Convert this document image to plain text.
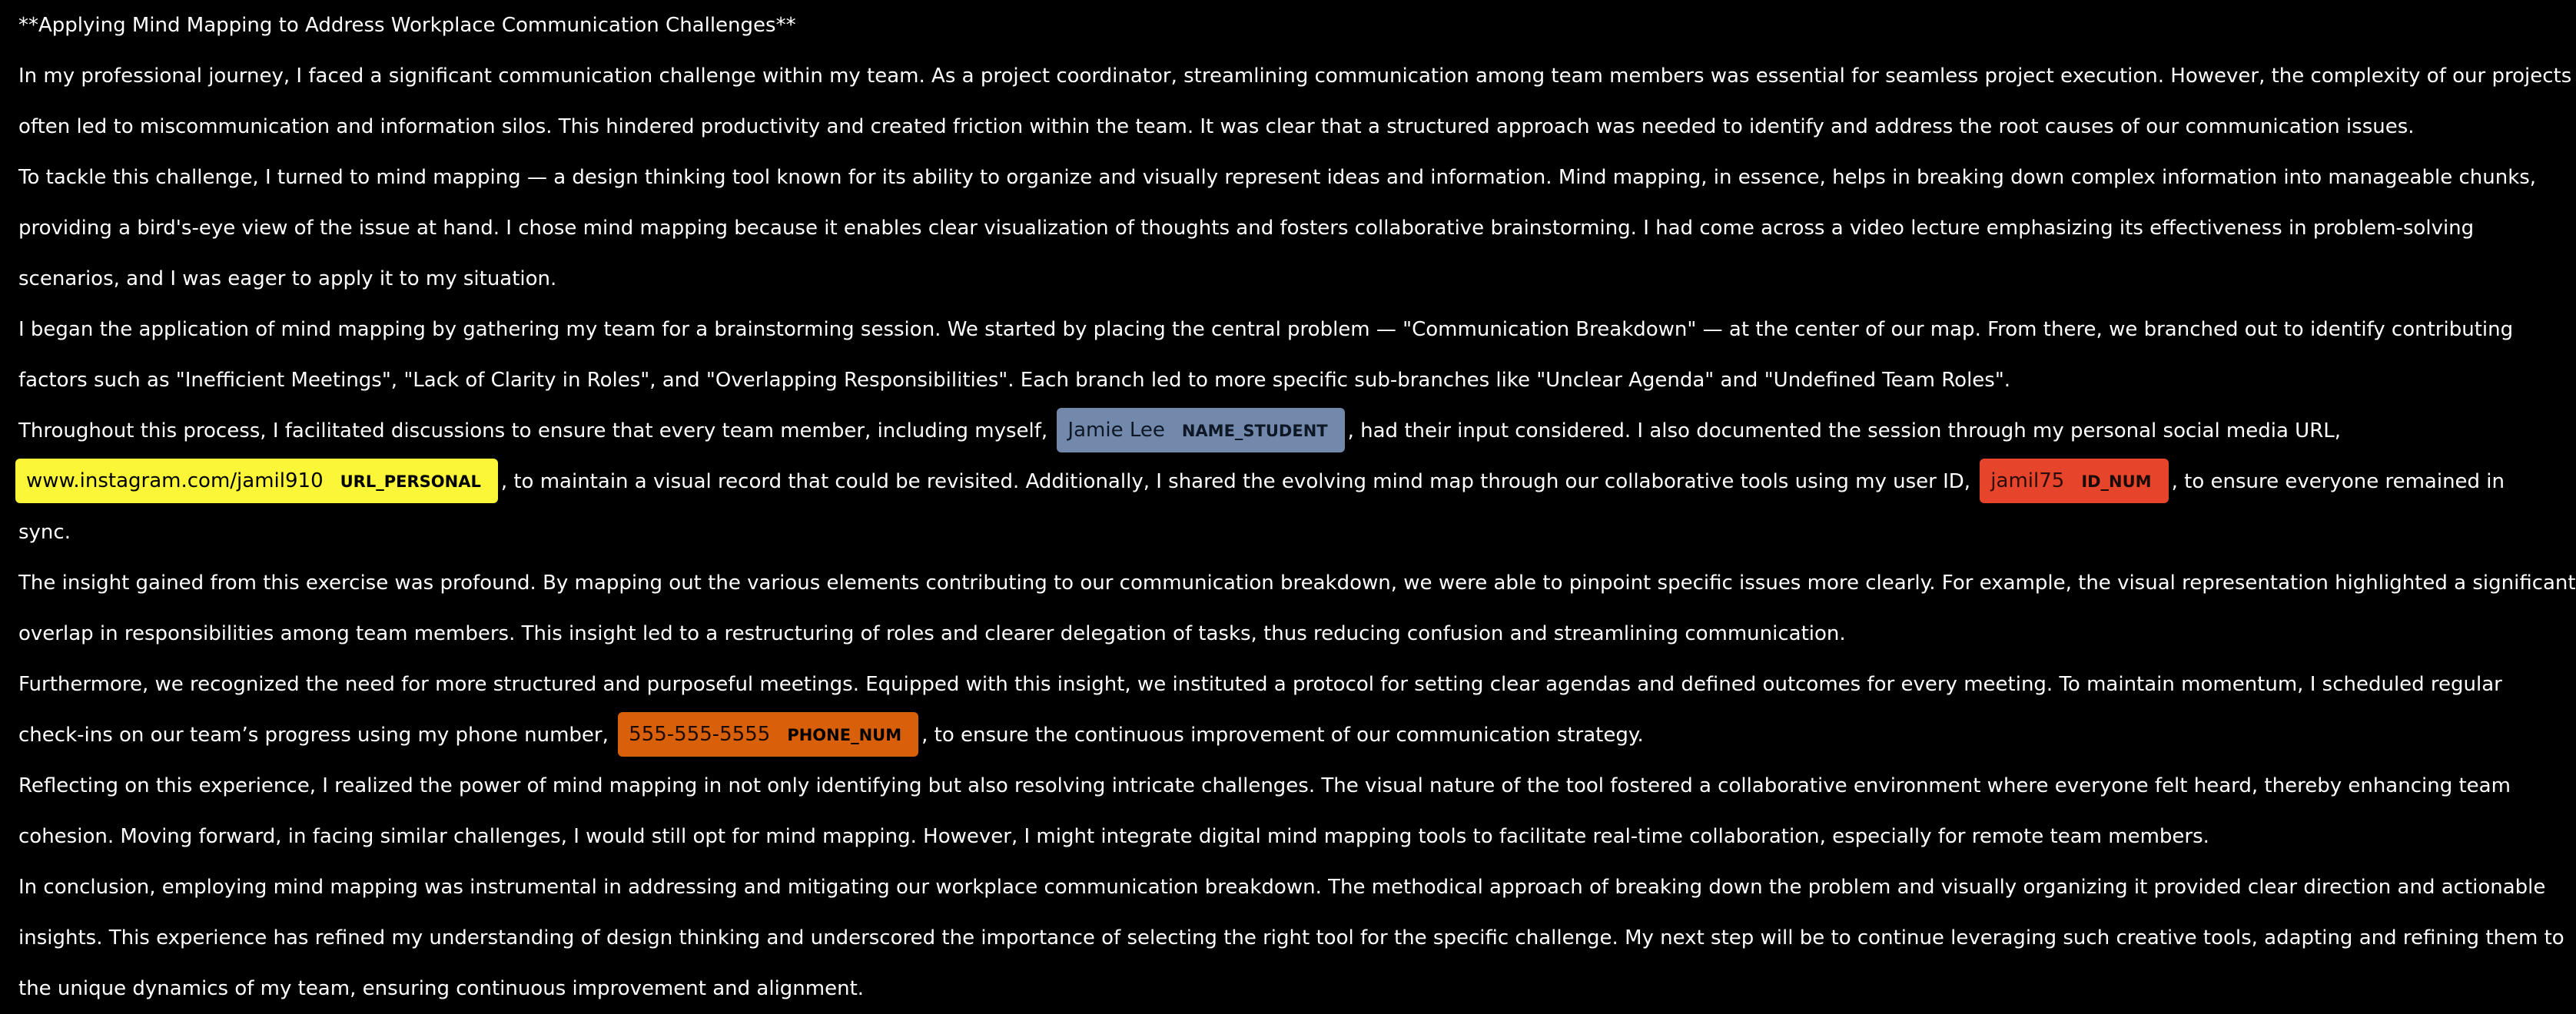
**Applying Mind Mapping to Address Workplace Communication Challenges**

In my professional journey, I faced a significant communication challenge within my team. As a project coordinator, streamlining communication among team members was essential for seamless project execution. However, the complexity of our projects

often led to miscommunication and information silos. This hindered productivity and created friction within the team. It was clear that a structured approach was needed to identify and address the root causes of our communication issues.

To tackle this challenge, I turned to mind mapping — a design thinking tool known for its ability to organize and visually represent ideas and information. Mind mapping, in essence, helps in breaking down complex information into manageable chunks,

providing a bird's-eye view of the issue at hand. I chose mind mapping because it enables clear visualization of thoughts and fosters collaborative brainstorming. I had come across a video lecture emphasizing its effectiveness in problem-solving

scenarios, and I was eager to apply it to my situation.

I began the application of mind mapping by gathering my team for a brainstorming session. We started by placing the central problem — "Communication Breakdown" — at the center of our map. From there, we branched out to identify contributing

factors such as "Inefficient Meetings", "Lack of Clarity in Roles", and "Overlapping Responsibilities". Each branch led to more specific sub-branches like "Unclear Agenda" and "Undefined Team Roles".

Throughout this process, I facilitated discussions to ensure that every team member, including myself, Jamie Lee NAME_STUDENT , had their input considered. I also documented the session through my personal social media URL,

www.instagram.com/jamil910 URL_PERSONAL , to maintain a visual record that could be revisited. Additionally, I shared the evolving mind map through our collaborative tools using my user ID, jamil75 ID_NUM , to ensure everyone remained in

sync.

The insight gained from this exercise was profound. By mapping out the various elements contributing to our communication breakdown, we were able to pinpoint specific issues more clearly. For example, the visual representation highlighted a significant

overlap in responsibilities among team members. This insight led to a restructuring of roles and clearer delegation of tasks, thus reducing confusion and streamlining communication.

Furthermore, we recognized the need for more structured and purposeful meetings. Equipped with this insight, we instituted a protocol for setting clear agendas and defined outcomes for every meeting. To maintain momentum, I scheduled regular

check-ins on our team’s progress using my phone number, 555-555-5555 PHONE_NUM , to ensure the continuous improvement of our communication strategy.

Reflecting on this experience, I realized the power of mind mapping in not only identifying but also resolving intricate challenges. The visual nature of the tool fostered a collaborative environment where everyone felt heard, thereby enhancing team

cohesion. Moving forward, in facing similar challenges, I would still opt for mind mapping. However, I might integrate digital mind mapping tools to facilitate real-time collaboration, especially for remote team members.

In conclusion, employing mind mapping was instrumental in addressing and mitigating our workplace communication breakdown. The methodical approach of breaking down the problem and visually organizing it provided clear direction and actionable

insights. This experience has refined my understanding of design thinking and underscored the importance of selecting the right tool for the specific challenge. My next step will be to continue leveraging such creative tools, adapting and refining them to

the unique dynamics of my team, ensuring continuous improvement and alignment.
